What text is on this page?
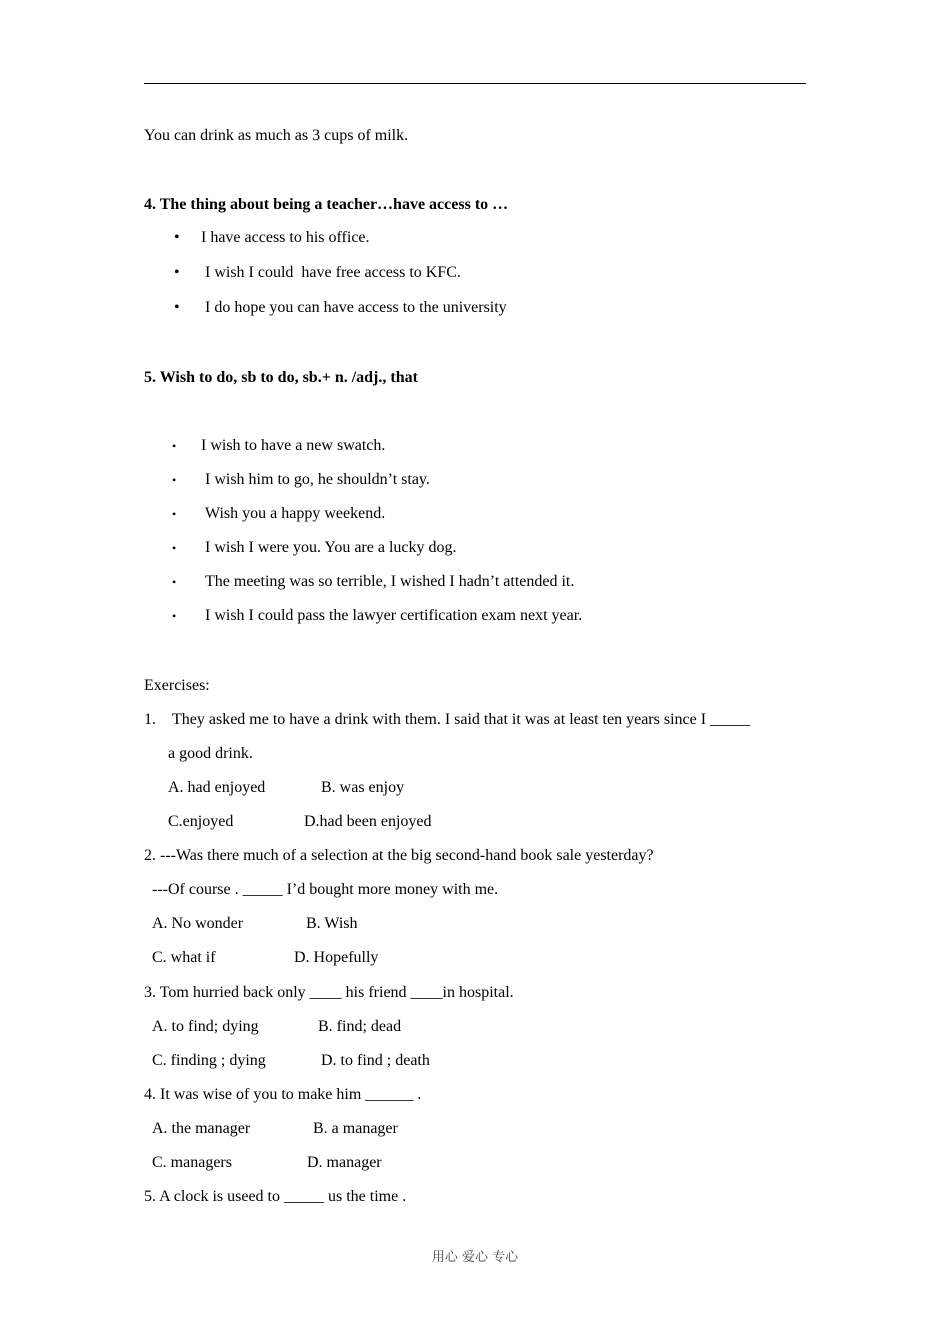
You can drink as much as 3 cups of milk.
4. The thing about being a teacher…have access to …
• I have access to his office.
• I wish I could  have free access to KFC.
• I do hope you can have access to the university
5. Wish to do, sb to do, sb.+ n. /adj., that
• I wish to have a new swatch.
• I wish him to go, he shouldn’t stay.
• Wish you a happy weekend.
• I wish I were you. You are a lucky dog.
• The meeting was so terrible, I wished I hadn’t attended it.
• I wish I could pass the lawyer certification exam next year.
Exercises:
1. They asked me to have a drink with them. I said that it was at least ten years since I _____
a good drink.
A. had enjoyed	B. was enjoy
C.enjoyed	D.had been enjoyed
2. ---Was there much of a selection at the big second-hand book sale yesterday?
---Of course . _____ I’d bought more money with me.
A. No wonder	B. Wish
C. what if	D. Hopefully
3. Tom hurried back only ____ his friend ____in hospital.
A. to find; dying	B. find; dead
C. finding ; dying	D. to find ; death
4. It was wise of you to make him ______ .
A. the manager	B. a manager
C. managers	D. manager
5. A clock is useed to _____ us the time .
用心 爱心 专心
